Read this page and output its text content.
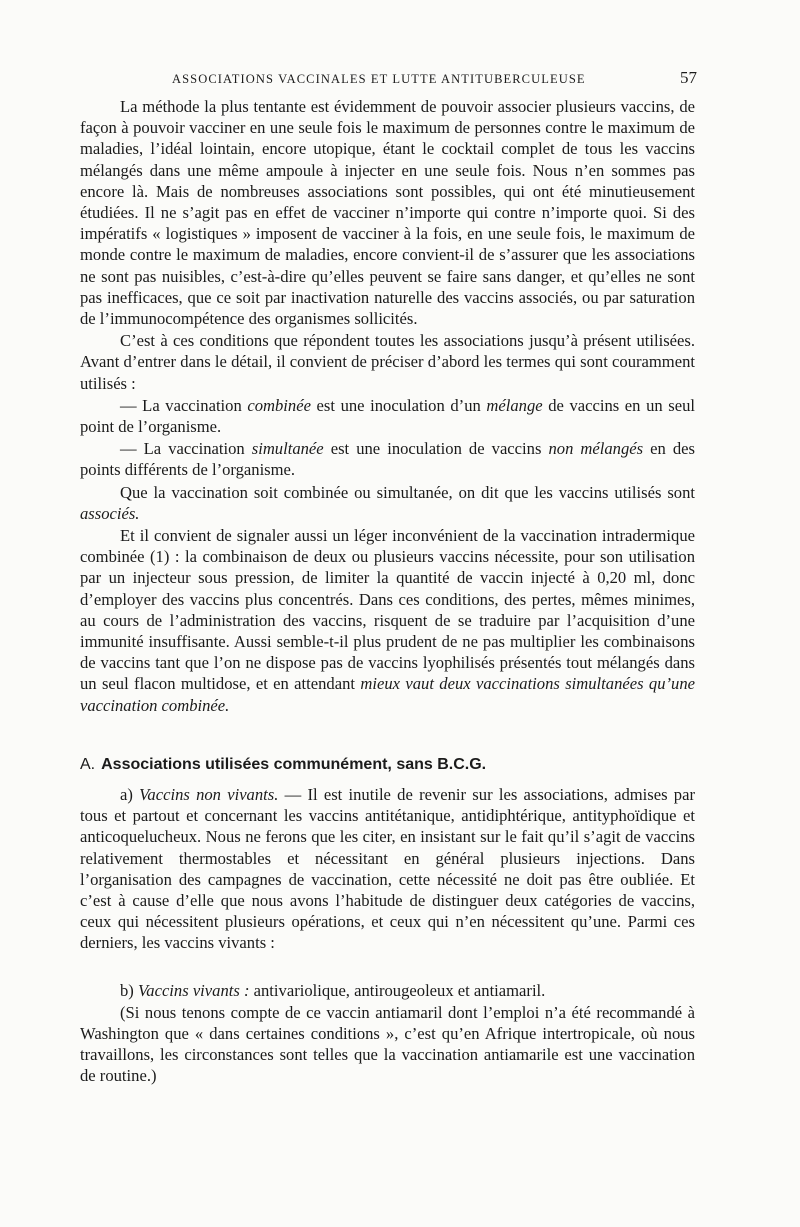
ASSOCIATIONS VACCINALES ET LUTTE ANTITUBERCULEUSE	57

La méthode la plus tentante est évidemment de pouvoir associer plusieurs vaccins, de façon à pouvoir vacciner en une seule fois le maximum de personnes contre le maximum de maladies, l’idéal lointain, encore utopique, étant le cocktail complet de tous les vaccins mélangés dans une même ampoule à injecter en une seule fois. Nous n’en sommes pas encore là. Mais de nombreuses associations sont possibles, qui ont été minutieusement étudiées. Il ne s’agit pas en effet de vacciner n’importe qui contre n’importe quoi. Si des impératifs « logistiques » imposent de vacciner à la fois, en une seule fois, le maximum de monde contre le maximum de maladies, encore convient-il de s’assurer que les associations ne sont pas nuisibles, c’est-à-dire qu’elles peuvent se faire sans danger, et qu’elles ne sont pas inefficaces, que ce soit par inactivation naturelle des vaccins associés, ou par saturation de l’immunocompétence des organismes sollicités.

C’est à ces conditions que répondent toutes les associations jusqu’à présent utilisées. Avant d’entrer dans le détail, il convient de préciser d’abord les termes qui sont couramment utilisés :

— La vaccination combinée est une inoculation d’un mélange de vaccins en un seul point de l’organisme.

— La vaccination simultanée est une inoculation de vaccins non mélangés en des points différents de l’organisme.

Que la vaccination soit combinée ou simultanée, on dit que les vaccins utilisés sont associés.

Et il convient de signaler aussi un léger inconvénient de la vaccination intradermique combinée (1) : la combinaison de deux ou plusieurs vaccins nécessite, pour son utilisation par un injecteur sous pression, de limiter la quantité de vaccin injecté à 0,20 ml, donc d’employer des vaccins plus concentrés. Dans ces conditions, des pertes, mêmes minimes, au cours de l’administration des vaccins, risquent de se traduire par l’acquisition d’une immunité insuffisante. Aussi semble-t-il plus prudent de ne pas multiplier les combinaisons de vaccins tant que l’on ne dispose pas de vaccins lyophilisés présentés tout mélangés dans un seul flacon multidose, et en attendant mieux vaut deux vaccinations simultanées qu’une vaccination combinée.

A. Associations utilisées communément, sans B.C.G.

a) Vaccins non vivants. — Il est inutile de revenir sur les associations, admises par tous et partout et concernant les vaccins antitétanique, antidiphtérique, antityphoïdique et anticoquelucheux. Nous ne ferons que les citer, en insistant sur le fait qu’il s’agit de vaccins relativement thermostables et nécessitant en général plusieurs injections. Dans l’organisation des campagnes de vaccination, cette nécessité ne doit pas être oubliée. Et c’est à cause d’elle que nous avons l’habitude de distinguer deux catégories de vaccins, ceux qui nécessitent plusieurs opérations, et ceux qui n’en nécessitent qu’une. Parmi ces derniers, les vaccins vivants :

b) Vaccins vivants : antivariolique, antirougeoleux et antiamaril.

(Si nous tenons compte de ce vaccin antiamaril dont l’emploi n’a été recommandé à Washington que « dans certaines conditions », c’est qu’en Afrique intertropicale, où nous travaillons, les circonstances sont telles que la vaccination antiamarile est une vaccination de routine.)
